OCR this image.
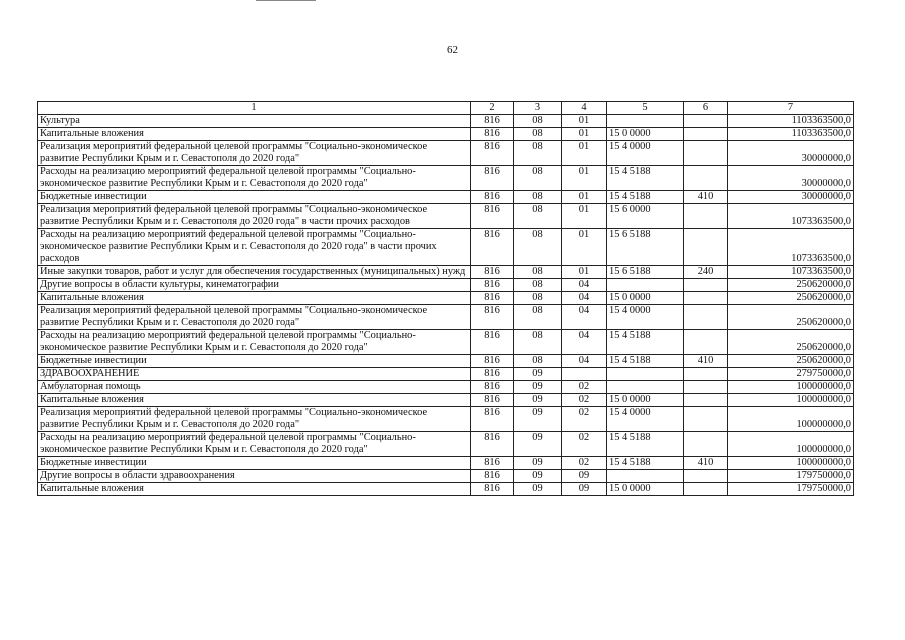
62
1	2	3	4	5	6	7
Культура	816	08	01			1103363500,0
Капитальные вложения	816	08	01	15 0 0000		1103363500,0
Реализация мероприятий федеральной целевой программы "Социально-экономическое развитие Республики Крым и г. Севастополя до 2020 года"	816	08	01	15 4 0000		30000000,0
Расходы на реализацию мероприятий федеральной целевой программы "Социально-экономическое развитие Республики Крым и г. Севастополя до 2020 года"	816	08	01	15 4 5188		30000000,0
Бюджетные инвестиции	816	08	01	15 4 5188	410	30000000,0
Реализация мероприятий федеральной целевой программы "Социально-экономическое развитие Республики Крым и г. Севастополя до 2020 года" в части прочих расходов	816	08	01	15 6 0000		1073363500,0
Расходы на реализацию мероприятий федеральной целевой программы "Социально-экономическое развитие Республики Крым и г. Севастополя до 2020 года" в части прочих расходов	816	08	01	15 6 5188		1073363500,0
Иные закупки товаров, работ и услуг для обеспечения государственных (муниципальных) нужд	816	08	01	15 6 5188	240	1073363500,0
Другие вопросы в области культуры, кинематографии	816	08	04			250620000,0
Капитальные вложения	816	08	04	15 0 0000		250620000,0
Реализация мероприятий федеральной целевой программы "Социально-экономическое развитие Республики Крым и г. Севастополя до 2020 года"	816	08	04	15 4 0000		250620000,0
Расходы на реализацию мероприятий федеральной целевой программы "Социально-экономическое развитие Республики Крым и г. Севастополя до 2020 года"	816	08	04	15 4 5188		250620000,0
Бюджетные инвестиции	816	08	04	15 4 5188	410	250620000,0
ЗДРАВООХРАНЕНИЕ	816	09				279750000,0
Амбулаторная помощь	816	09	02			100000000,0
Капитальные вложения	816	09	02	15 0 0000		100000000,0
Реализация мероприятий федеральной целевой программы "Социально-экономическое развитие Республики Крым и г. Севастополя до 2020 года"	816	09	02	15 4 0000		100000000,0
Расходы на реализацию мероприятий федеральной целевой программы "Социально-экономическое развитие Республики Крым и г. Севастополя до 2020 года"	816	09	02	15 4 5188		100000000,0
Бюджетные инвестиции	816	09	02	15 4 5188	410	100000000,0
Другие вопросы в области здравоохранения	816	09	09			179750000,0
Капитальные вложения	816	09	09	15 0 0000		179750000,0
